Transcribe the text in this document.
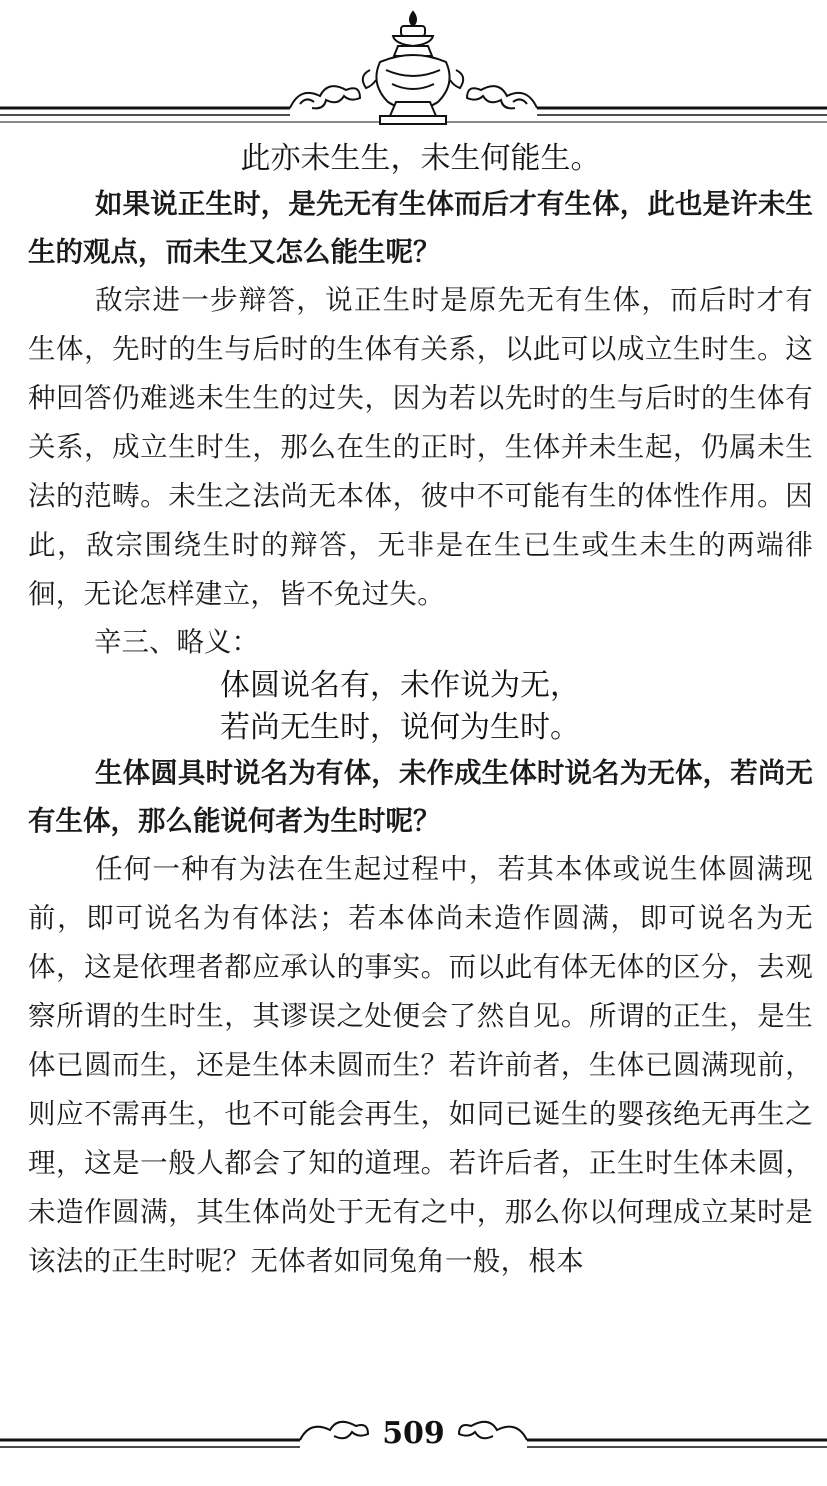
此亦未生生，未生何能生。

如果说正生时，是先无有生体而后才有生体，此也是许未生生的观点，而未生又怎么能生呢？

敌宗进一步辩答，说正生时是原先无有生体，而后时才有生体，先时的生与后时的生体有关系，以此可以成立生时生。这种回答仍难逃未生生的过失，因为若以先时的生与后时的生体有关系，成立生时生，那么在生的正时，生体并未生起，仍属未生法的范畴。未生之法尚无本体，彼中不可能有生的体性作用。因此，敌宗围绕生时的辩答，无非是在生已生或生未生的两端徘徊，无论怎样建立，皆不免过失。

辛三、略义：

体圆说名有，未作说为无，
若尚无生时，说何为生时。

生体圆具时说名为有体，未作成生体时说名为无体，若尚无有生体，那么能说何者为生时呢？

任何一种有为法在生起过程中，若其本体或说生体圆满现前，即可说名为有体法；若本体尚未造作圆满，即可说名为无体，这是依理者都应承认的事实。而以此有体无体的区分，去观察所谓的生时生，其谬误之处便会了然自见。所谓的正生，是生体已圆而生，还是生体未圆而生？若许前者，生体已圆满现前，则应不需再生，也不可能会再生，如同已诞生的婴孩绝无再生之理，这是一般人都会了知的道理。若许后者，正生时生体未圆，未造作圆满，其生体尚处于无有之中，那么你以何理成立某时是该法的正生时呢？无体者如同兔角一般，根本

509
